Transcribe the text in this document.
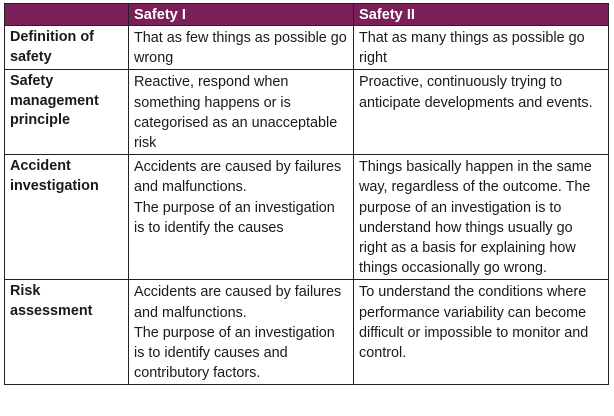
	Safety I	Safety II
Definition of safety	That as few things as possible go wrong	That as many things as possible go right

Safety management principle	Reactive, respond when something happens or is categorised as an unacceptable risk	Proactive, continuously trying to anticipate developments and events.

Accident investigation	Accidents are caused by failures and malfunctions.
The purpose of an investigation is to identify the causes	Things basically happen in the same way, regardless of the outcome. The purpose of an investigation is to understand how things usually go right as a basis for explaining how things occasionally go wrong.

Risk assessment	Accidents are caused by failures and malfunctions.
The purpose of an investigation is to identify causes and contributory factors.	To understand the conditions where performance variability can become difficult or impossible to monitor and control.
